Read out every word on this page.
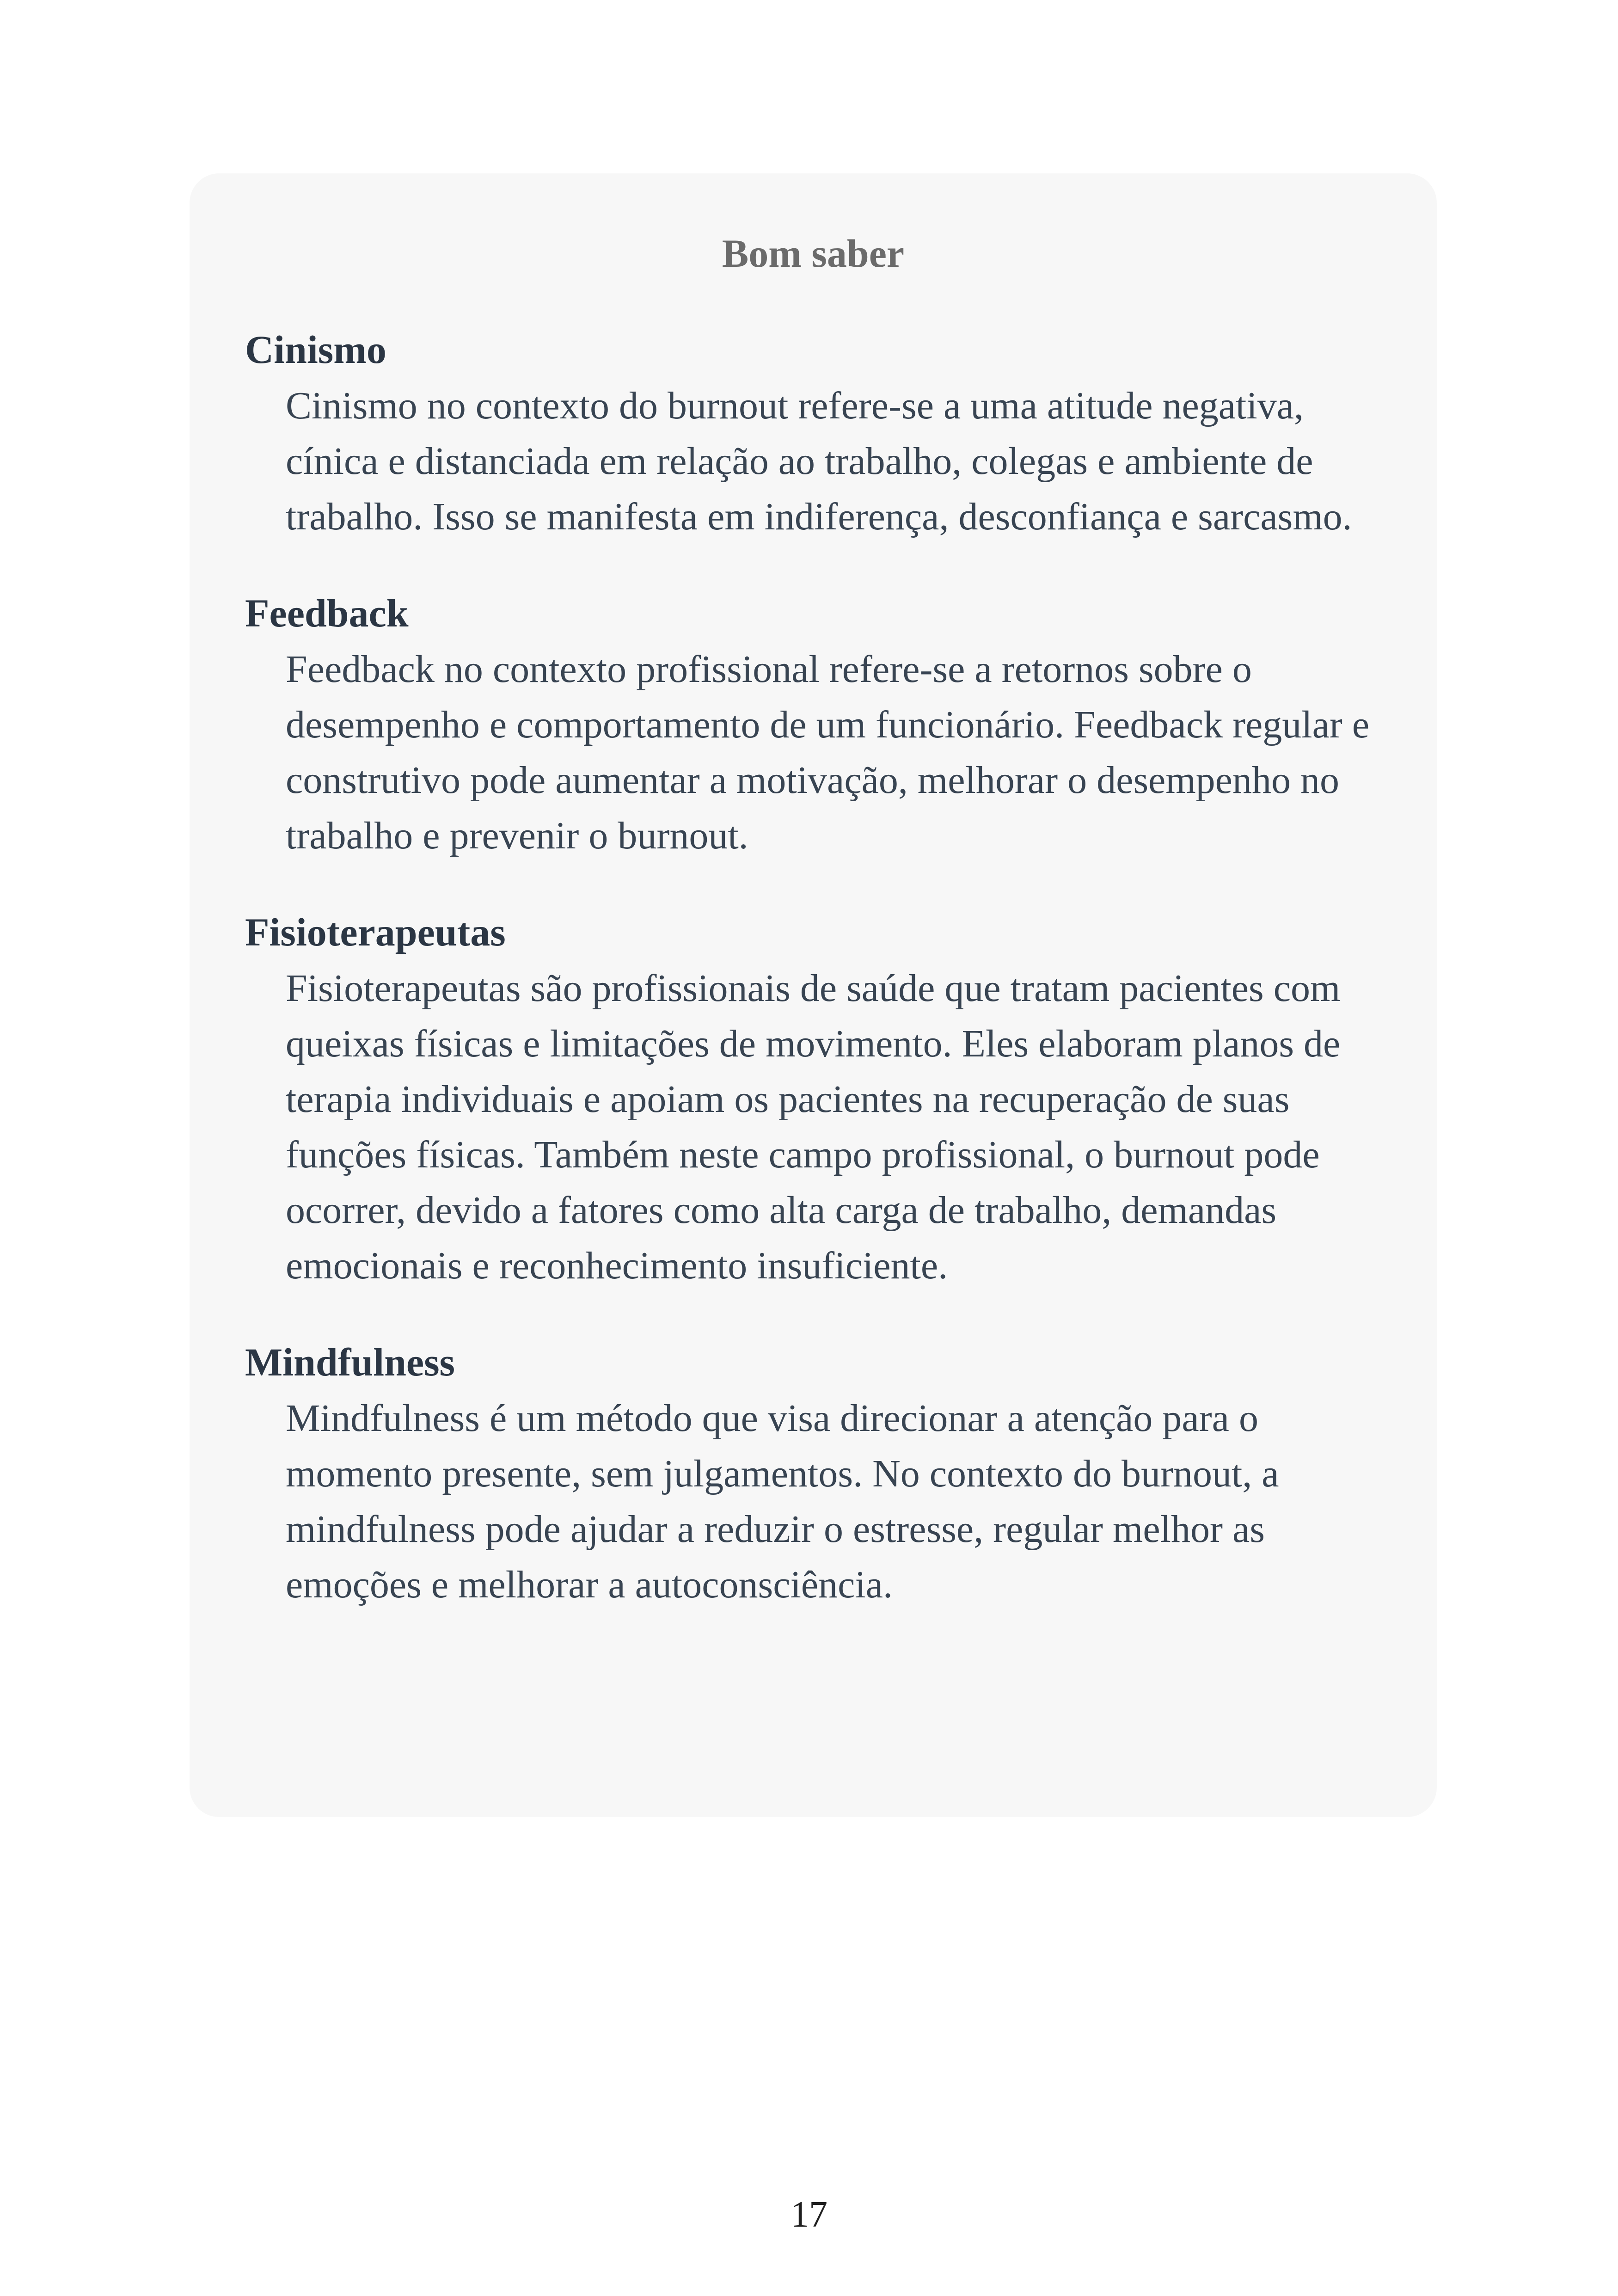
Bom saber

Cinismo

Cinismo no contexto do burnout refere-se a uma atitude negativa, cínica e distanciada em relação ao trabalho, colegas e ambiente de trabalho. Isso se manifesta em indiferença, desconfiança e sarcasmo.

Feedback

Feedback no contexto profissional refere-se a retornos sobre o desempenho e comportamento de um funcionário. Feedback regular e construtivo pode aumentar a motivação, melhorar o desempenho no trabalho e prevenir o burnout.

Fisioterapeutas

Fisioterapeutas são profissionais de saúde que tratam pacientes com queixas físicas e limitações de movimento. Eles elaboram planos de terapia individuais e apoiam os pacientes na recuperação de suas funções físicas. Também neste campo profissional, o burnout pode ocorrer, devido a fatores como alta carga de trabalho, demandas emocionais e reconhecimento insuficiente.

Mindfulness

Mindfulness é um método que visa direcionar a atenção para o momento presente, sem julgamentos. No contexto do burnout, a mindfulness pode ajudar a reduzir o estresse, regular melhor as emoções e melhorar a autoconsciência.

17
